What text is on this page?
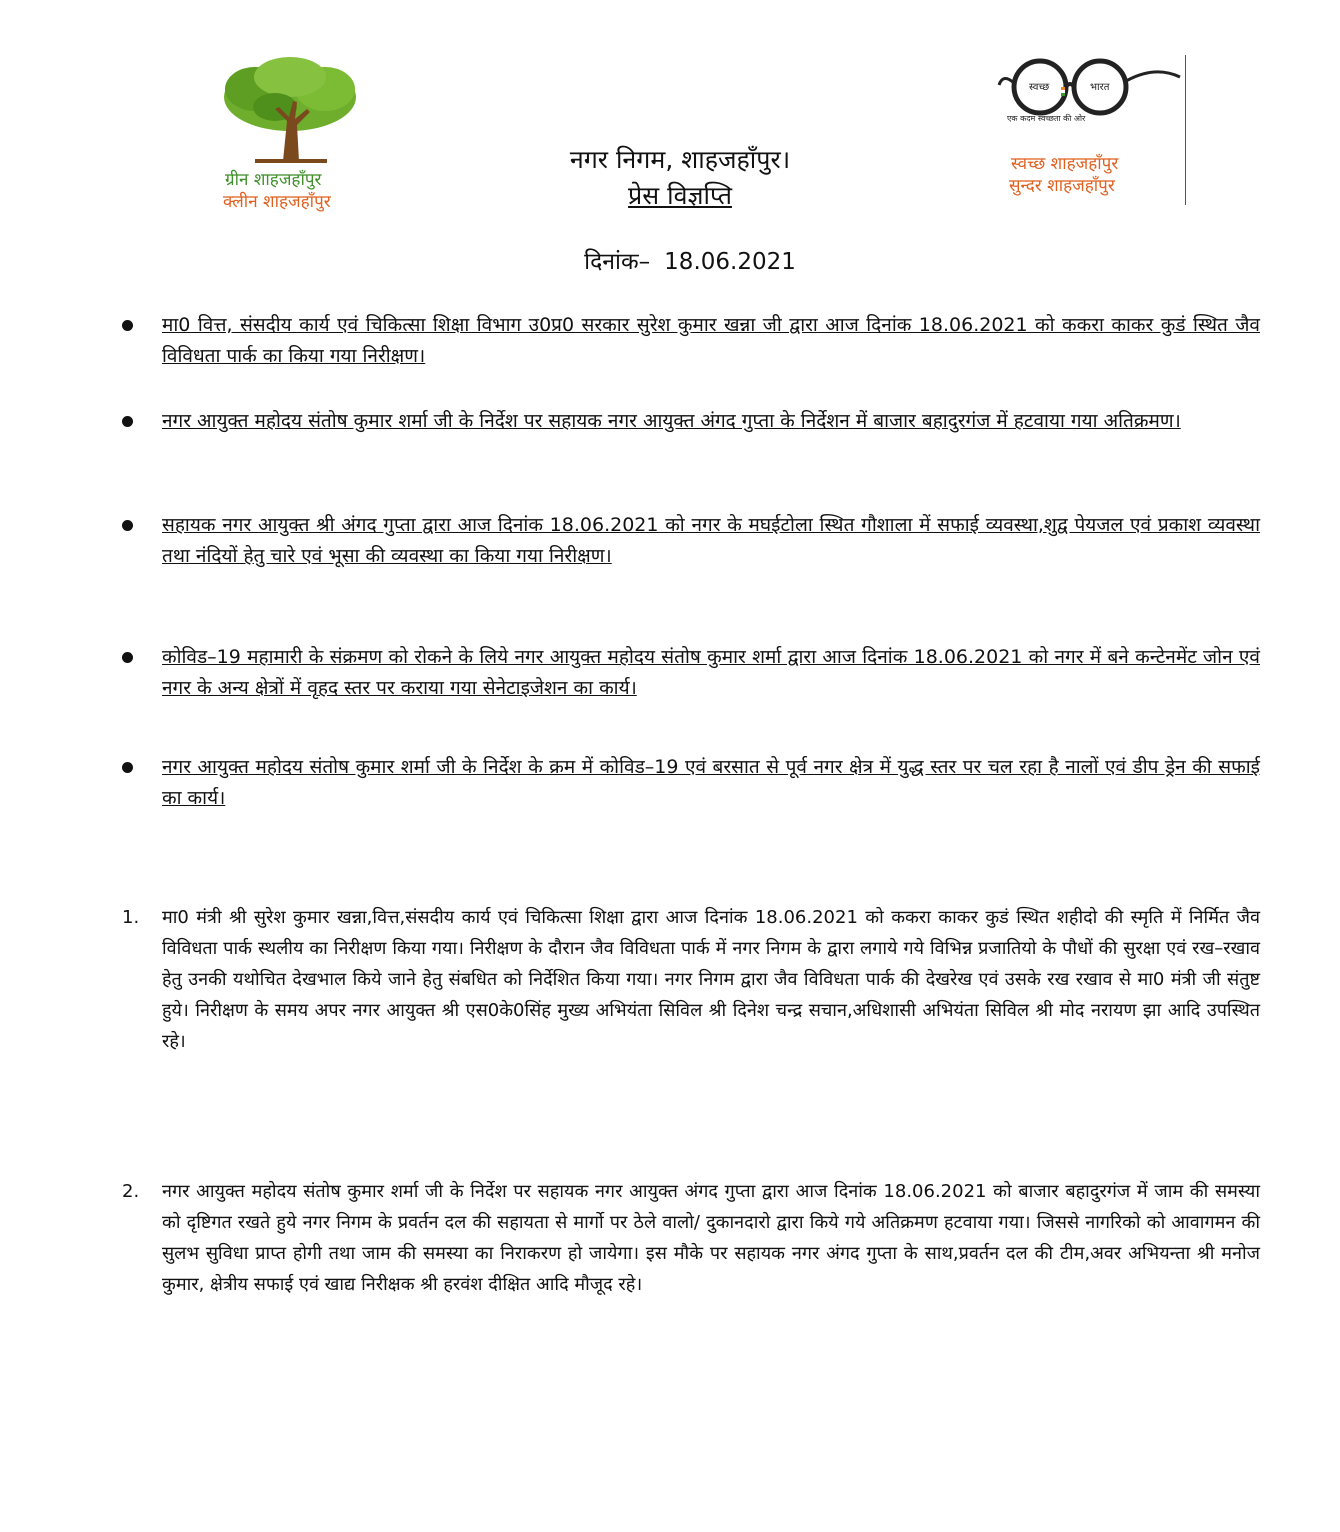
ग्रीन शाहजहाँपुर
क्लीन शाहजहाँपुर
स्वच्छ	भारत
एक कदम स्वच्छता की ओर
स्वच्छ शाहजहाँपुर
सुन्दर शाहजहाँपुर
नगर निगम, शाहजहाँपुर।
प्रेस विज्ञप्ति
दिनांक– 18.06.2021
मा0 वित्त, संसदीय कार्य एवं चिकित्सा शिक्षा विभाग उ0प्र0 सरकार सुरेश कुमार खन्ना जी द्वारा आज दिनांक 18.06.2021 को ककरा काकर कुडं स्थित जैव विविधता पार्क का किया गया निरीक्षण।
नगर आयुक्त महोदय संतोष कुमार शर्मा जी के निर्देश पर सहायक नगर आयुक्त अंगद गुप्ता के निर्देशन में बाजार बहादुरगंज में हटवाया गया अतिक्रमण।
सहायक नगर आयुक्त श्री अंगद गुप्ता द्वारा आज दिनांक 18.06.2021 को नगर के मघईटोला स्थित गौशाला में सफाई व्यवस्था,शुद्व पेयजल एवं प्रकाश व्यवस्था तथा नंदियों हेतु चारे एवं भूसा की व्यवस्था का किया गया निरीक्षण।
कोविड–19 महामारी के संक्रमण को रोकने के लिये नगर आयुक्त महोदय संतोष कुमार शर्मा द्वारा आज दिनांक 18.06.2021 को नगर में बने कन्टेनमेंट जोन एवं नगर के अन्य क्षेत्रों में वृहद स्तर पर कराया गया सेनेटाइजेशन का कार्य।
नगर आयुक्त महोदय संतोष कुमार शर्मा जी के निर्देश के क्रम में कोविड–19 एवं बरसात से पूर्व नगर क्षेत्र में युद्ध स्तर पर चल रहा है नालों एवं डीप ड्रेन की सफाई का कार्य।
1. मा0 मंत्री श्री सुरेश कुमार खन्ना,वित्त,संसदीय कार्य एवं चिकित्सा शिक्षा द्वारा आज दिनांक 18.06.2021 को ककरा काकर कुडं स्थित शहीदो की स्मृति में निर्मित जैव विविधता पार्क स्थलीय का निरीक्षण किया गया। निरीक्षण के दौरान जैव विविधता पार्क में नगर निगम के द्वारा लगाये गये विभिन्न प्रजातियो के पौधों की सुरक्षा एवं रख–रखाव हेतु उनकी यथोचित देखभाल किये जाने हेतु संबधित को निर्देशित किया गया। नगर निगम द्वारा जैव विविधता पार्क की देखरेख एवं उसके रख रखाव से मा0 मंत्री जी संतुष्ट हुये। निरीक्षण के समय अपर नगर आयुक्त श्री एस0के0सिंह मुख्य अभियंता सिविल श्री दिनेश चन्द्र सचान,अधिशासी अभियंता सिविल श्री मोद नरायण झा आदि उपस्थित रहे।
2. नगर आयुक्त महोदय संतोष कुमार शर्मा जी के निर्देश पर सहायक नगर आयुक्त अंगद गुप्ता द्वारा आज दिनांक 18.06.2021 को बाजार बहादुरगंज में जाम की समस्या को दृष्टिगत रखते हुये नगर निगम के प्रवर्तन दल की सहायता से मार्गो पर ठेले वालो/ दुकानदारो द्वारा किये गये अतिक्रमण हटवाया गया। जिससे नागरिको को आवागमन की सुलभ सुविधा प्राप्त होगी तथा जाम की समस्या का निराकरण हो जायेगा। इस मौके पर सहायक नगर अंगद गुप्ता के साथ,प्रवर्तन दल की टीम,अवर अभियन्ता श्री मनोज कुमार, क्षेत्रीय सफाई एवं खाद्य निरीक्षक श्री हरवंश दीक्षित आदि मौजूद रहे।
